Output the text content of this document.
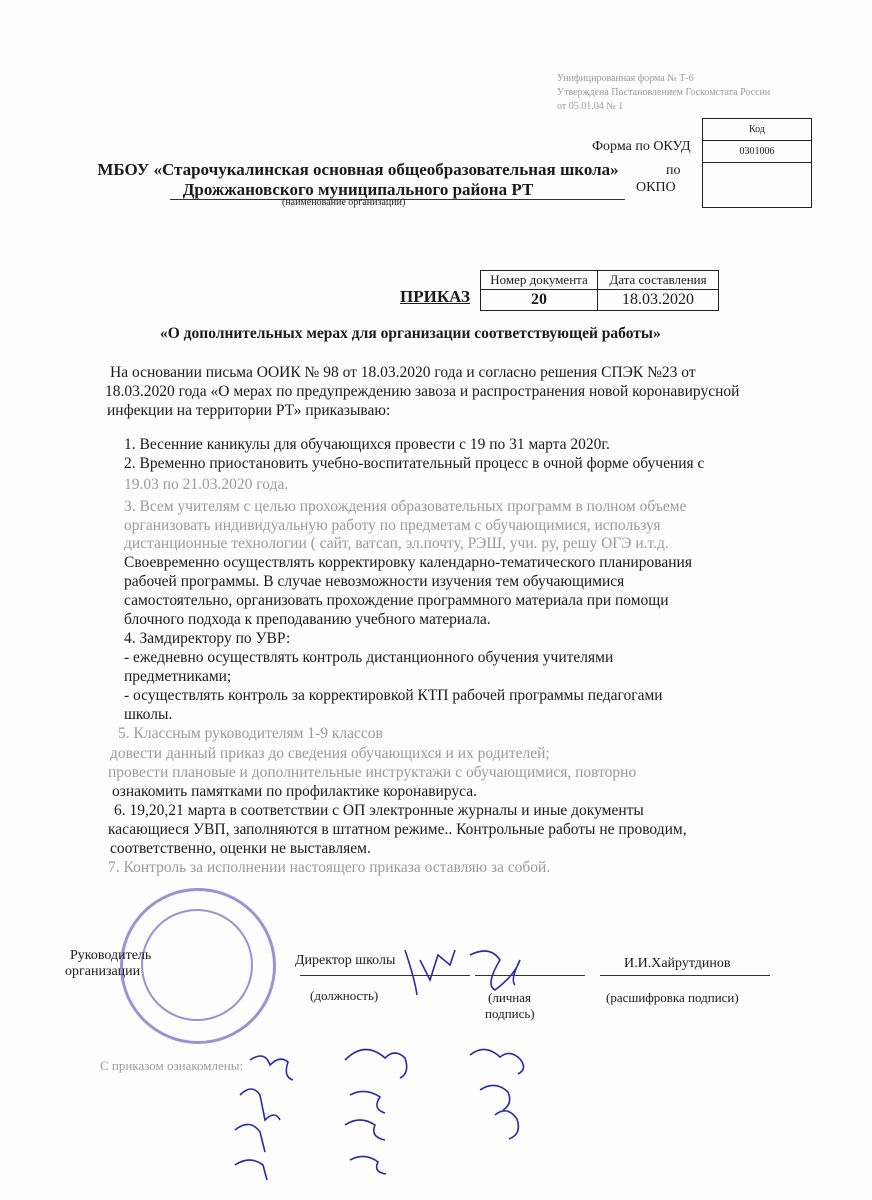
Унифицированная форма № Т-6
Утверждена Постановлением Госкомстата России
от 05.01.04 № 1
Код
0301006
Форма по ОКУД
по
ОКПО
МБОУ «Старочукалинская основная общеобразовательная школа»
Дрожжановского муниципального района РТ
(наименование организации)
ПРИКАЗ
Номер документа	Дата составления
20	18.03.2020
«О дополнительных мерах для организации соответствующей работы»
На основании письма ООИК № 98 от 18.03.2020 года и согласно решения СПЭК №23 от
18.03.2020 года «О мерах по предупреждению завоза и распространения новой коронавирусной
инфекции на территории РТ» приказываю:
1. Весенние каникулы для обучающихся провести с 19 по 31 марта 2020г.
2. Временно приостановить учебно-воспитательный процесс в очной форме обучения с
19.03 по 21.03.2020 года.
3. Всем учителям с целью прохождения образовательных программ в полном объеме
организовать индивидуальную работу по предметам с обучающимися, используя
дистанционные технологии ( сайт, ватсап, эл.почту, РЭШ, учи. ру, решу ОГЭ и.т.д.
Своевременно осуществлять корректировку календарно-тематического планирования
рабочей программы. В случае невозможности изучения тем обучающимися
самостоятельно, организовать прохождение программного материала при помощи
блочного подхода к преподаванию учебного материала.
4. Замдиректору по УВР:
- ежедневно осуществлять контроль дистанционного обучения учителями
предметниками;
- осуществлять контроль за корректировкой КТП рабочей программы педагогами
школы.
5. Классным руководителям 1-9 классов
довести данный приказ до сведения обучающихся и их родителей;
провести плановые и дополнительные инструктажи с обучающимися, повторно
ознакомить памятками по профилактике коронавируса.
6. 19,20,21 марта в соответствии с ОП электронные журналы и иные документы
касающиеся УВП, заполняются в штатном режиме.. Контрольные работы не проводим,
соответственно, оценки не выставляем.
7. Контроль за исполнении настоящего приказа оставляю за собой.
Руководитель
организации
Директор школы	И.И.Хайрутдинов
(должность)	(личная
подпись)
(расшифровка подписи)
С приказом ознакомлены:
